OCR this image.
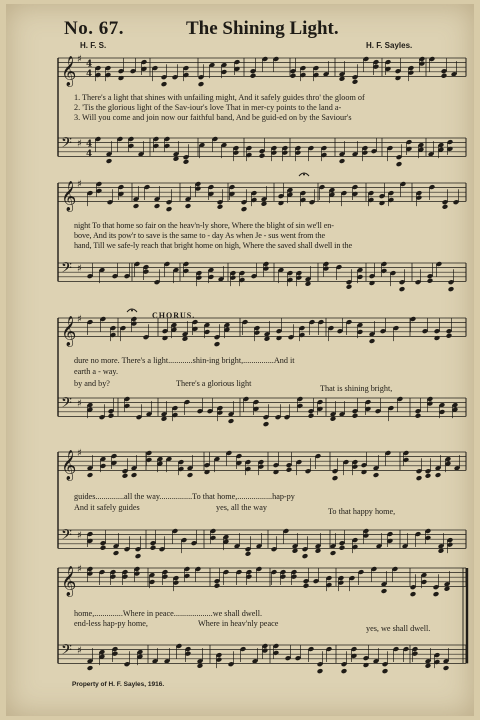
No. 67.	The Shining Light.
H. F. S.	H. F. Sayles.
𝄞 ♯ 4
4
𝄢 ♯ 4
4
𝄞 ♯
𝄢 ♯
𝄞 ♯
𝄢 ♯
𝄞 ♯
𝄢 ♯
𝄞 ♯
𝄢 ♯
1. There's a light that shines with unfailing might, And it safely guides thro' the gloom of
2. 'Tis the glorious light of the Sav-iour's love That in mer-cy points to the land a-
3. Will you come and join now our faithful band, And be guid-ed on by the Saviour's
night To that home so fair on the heav'n-ly shore, Where the blight of sin we'll en-
bove, And its pow'r to save is the same to - day As when Je - sus went from the
hand, Till we safe-ly reach that bright home on high, Where the saved shall dwell in the
CHORUS.
dure no more. There's a light............shin-ing bright,...............And it
earth a - way.
by and by?	There's a glorious light
That is shining bright,
guides..............all the way................To that home,.................hap-py
And it safely guides	yes, all the way	To that happy home,
home,..............Where in peace...................we shall dwell.
end-less hap-py home,	Where in heav'nly peace
yes, we shall dwell.
Property of H. F. Sayles, 1916.
